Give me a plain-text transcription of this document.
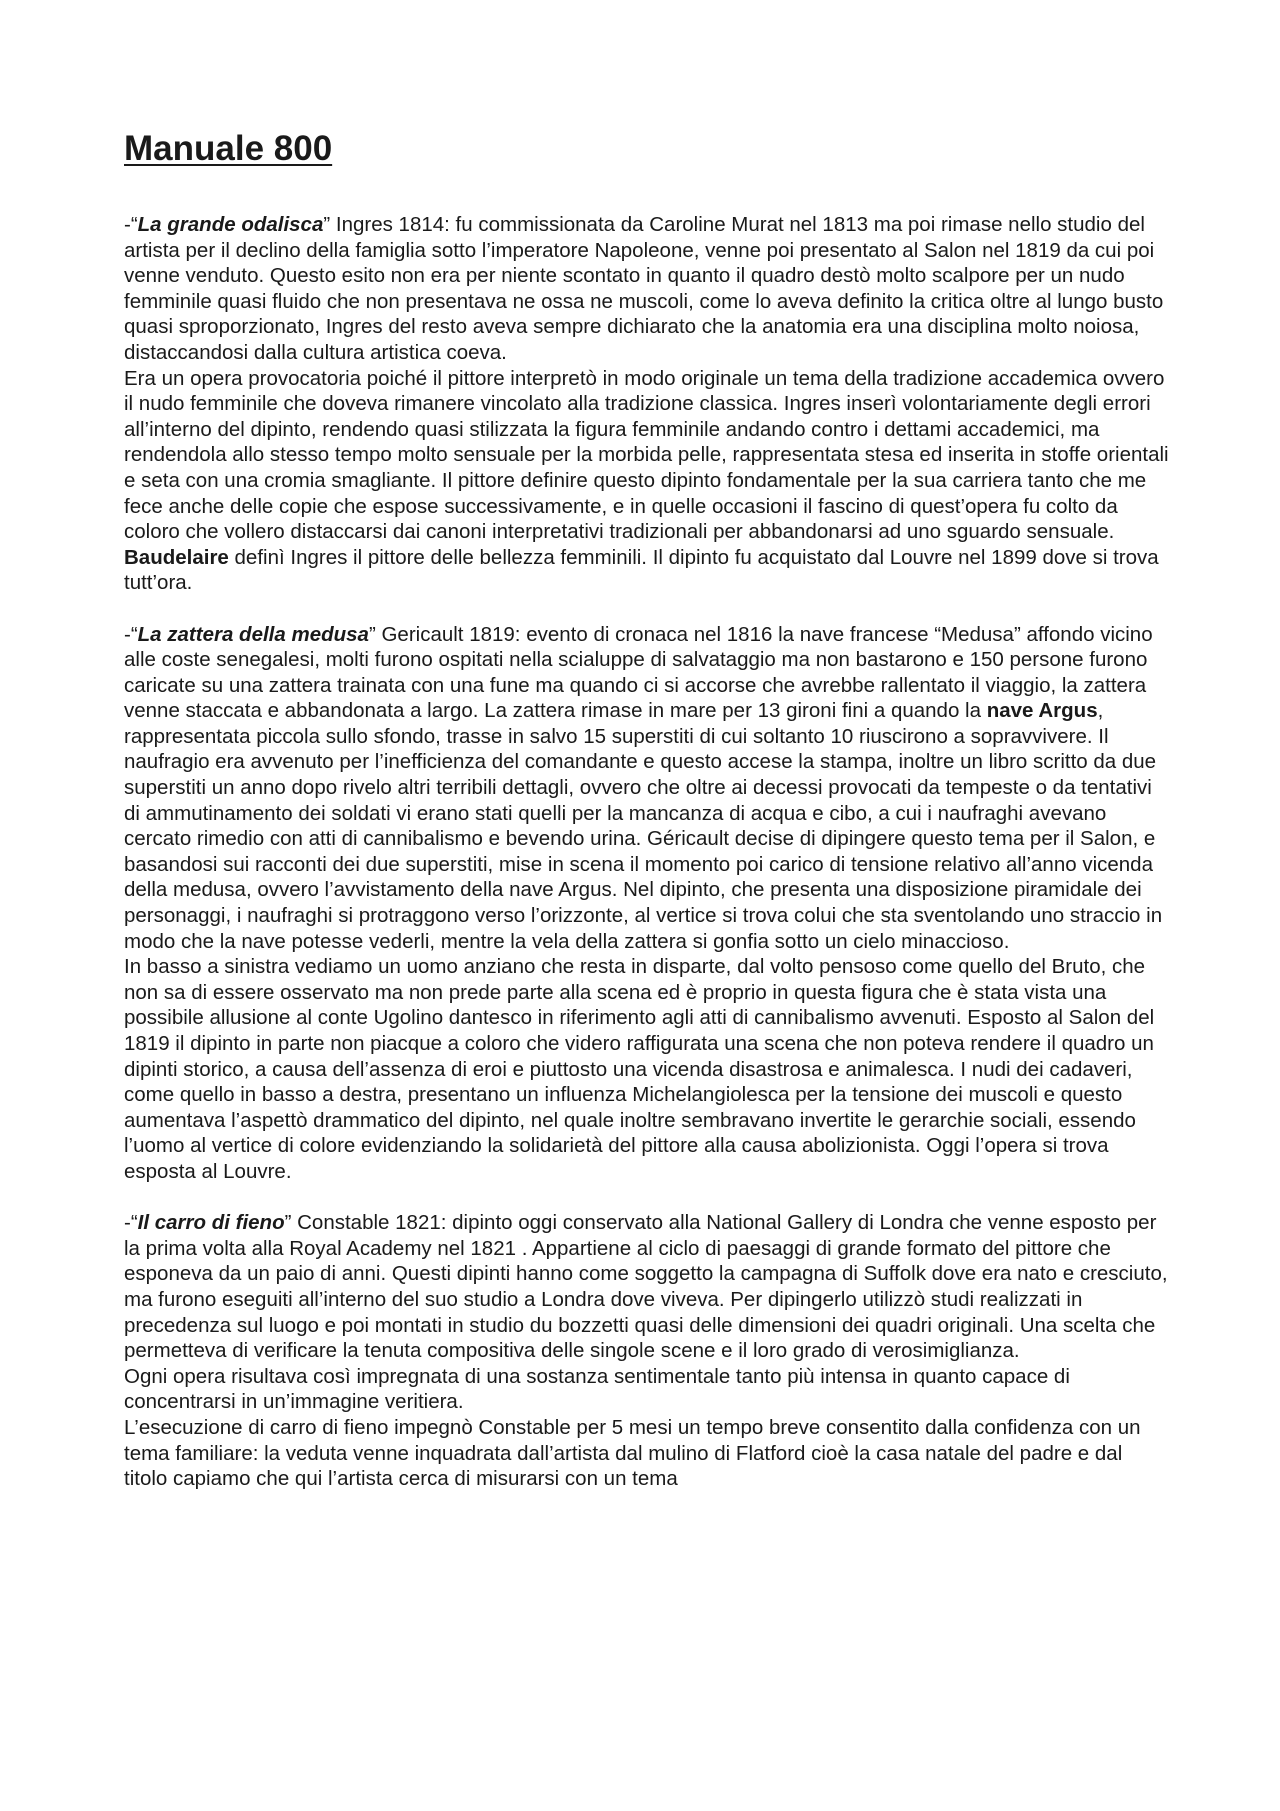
Manuale 800

-“La grande odalisca” Ingres 1814: fu commissionata da Caroline Murat nel 1813 ma poi rimase nello studio del artista per il declino della famiglia sotto l’imperatore Napoleone, venne poi presentato al Salon nel 1819 da cui poi venne venduto. Questo esito non era per niente scontato in quanto il quadro destò molto scalpore per un nudo femminile quasi fluido che non presentava ne ossa ne muscoli, come lo aveva definito la critica oltre al lungo busto quasi sproporzionato, Ingres del resto aveva sempre dichiarato che la anatomia era una disciplina molto noiosa, distaccandosi dalla cultura artistica coeva.

Era un opera provocatoria poiché il pittore interpretò in modo originale un tema della tradizione accademica ovvero il nudo femminile che doveva rimanere vincolato alla tradizione classica. Ingres inserì volontariamente degli errori all’interno del dipinto, rendendo quasi stilizzata la figura femminile andando contro i dettami accademici, ma rendendola allo stesso tempo molto sensuale per la morbida pelle, rappresentata stesa ed inserita in stoffe orientali e seta con una cromia smagliante. Il pittore definire questo dipinto fondamentale per la sua carriera tanto che me fece anche delle copie che espose successivamente, e in quelle occasioni il fascino di quest’opera fu colto da coloro che vollero distaccarsi dai canoni interpretativi tradizionali per abbandonarsi ad uno sguardo sensuale. Baudelaire definì Ingres il pittore delle bellezza femminili. Il dipinto fu acquistato dal Louvre nel 1899 dove si trova tutt’ora.

-“La zattera della medusa” Gericault 1819: evento di cronaca nel 1816 la nave francese “Medusa” affondo vicino alle coste senegalesi, molti furono ospitati nella scialuppe di salvataggio ma non bastarono e 150 persone furono caricate su una zattera trainata con una fune ma quando ci si accorse che avrebbe rallentato il viaggio, la zattera venne staccata e abbandonata a largo. La zattera rimase in mare per 13 gironi fini a quando la nave Argus, rappresentata piccola sullo sfondo, trasse in salvo 15 superstiti di cui soltanto 10 riuscirono a sopravvivere. Il naufragio era avvenuto per l’inefficienza del comandante e questo accese la stampa, inoltre un libro scritto da due superstiti un anno dopo rivelo altri terribili dettagli, ovvero che oltre ai decessi provocati da tempeste o da tentativi di ammutinamento dei soldati vi erano stati quelli per la mancanza di acqua e cibo, a cui i naufraghi avevano cercato rimedio con atti di cannibalismo e bevendo urina. Géricault decise di dipingere questo tema per il Salon, e basandosi sui racconti dei due superstiti, mise in scena il momento poi carico di tensione relativo all’anno vicenda della medusa, ovvero l’avvistamento della nave Argus. Nel dipinto, che presenta una disposizione piramidale dei personaggi, i naufraghi si protraggono verso l’orizzonte, al vertice si trova colui che sta sventolando uno straccio in modo che la nave potesse vederli, mentre la vela della zattera si gonfia sotto un cielo minaccioso.

In basso a sinistra vediamo un uomo anziano che resta in disparte, dal volto pensoso come quello del Bruto, che non sa di essere osservato ma non prede parte alla scena ed è proprio in questa figura che è stata vista una possibile allusione al conte Ugolino dantesco in riferimento agli atti di cannibalismo avvenuti. Esposto al Salon del 1819 il dipinto in parte non piacque a coloro che videro raffigurata una scena che non poteva rendere il quadro un dipinti storico, a causa dell’assenza di eroi e piuttosto una vicenda disastrosa e animalesca. I nudi dei cadaveri, come quello in basso a destra, presentano un influenza Michelangiolesca per la tensione dei muscoli e questo aumentava l’aspettò drammatico del dipinto, nel quale inoltre sembravano invertite le gerarchie sociali, essendo l’uomo al vertice di colore evidenziando la solidarietà del pittore alla causa abolizionista. Oggi l’opera si trova esposta al Louvre.

-“Il carro di fieno” Constable 1821: dipinto oggi conservato alla National Gallery di Londra che venne esposto per la prima volta alla Royal Academy nel 1821 . Appartiene al ciclo di paesaggi di grande formato del pittore che esponeva da un paio di anni. Questi dipinti hanno come soggetto la campagna di Suffolk dove era nato e cresciuto, ma furono eseguiti all’interno del suo studio a Londra dove viveva. Per dipingerlo utilizzò studi realizzati in precedenza sul luogo e poi montati in studio du bozzetti quasi delle dimensioni dei quadri originali. Una scelta che permetteva di verificare la tenuta compositiva delle singole scene e il loro grado di verosimiglianza.

Ogni opera risultava così impregnata di una sostanza sentimentale tanto più intensa in quanto capace di concentrarsi in un’immagine veritiera.

L’esecuzione di carro di fieno impegnò Constable per 5 mesi un tempo breve consentito dalla confidenza con un tema familiare: la veduta venne inquadrata dall’artista dal mulino di Flatford cioè la casa natale del padre e dal titolo capiamo che qui l’artista cerca di misurarsi con un tema
